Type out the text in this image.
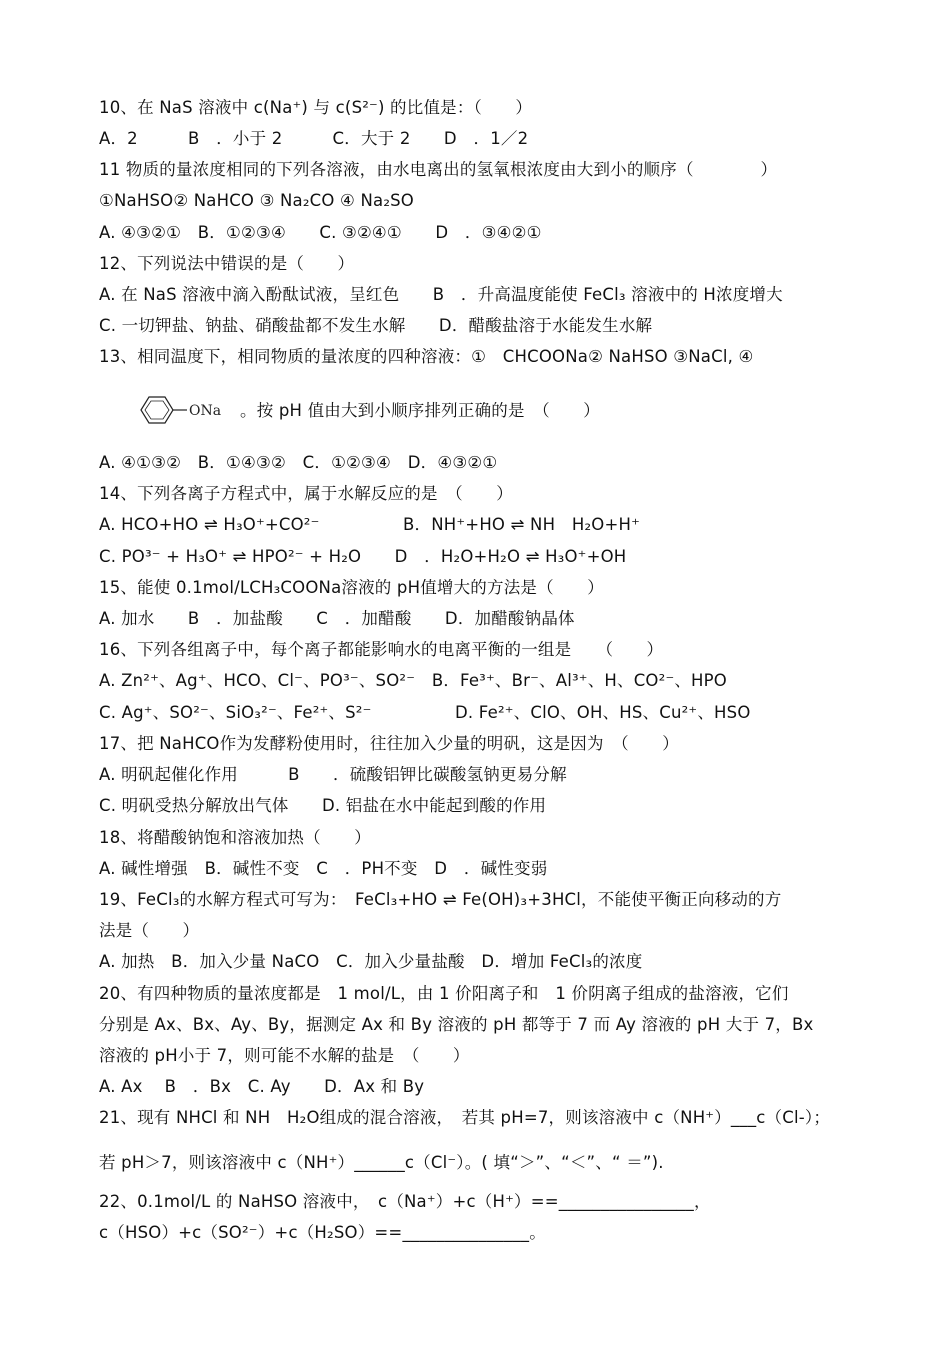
10、在 NaS 溶液中 c(Na⁺) 与 c(S²⁻) 的比值是：（　　）
A．2　　　B　．小于 2　　　C．大于 2　　D　．1／2
11 物质的量浓度相同的下列各溶液，由水电离出的氢氧根浓度由大到小的顺序（　　　　）
①NaHSO② NaHCO ③ Na₂CO ④ Na₂SO
A. ④③②①　B．①②③④　　C. ③②④①　　D　．③④②①
12、下列说法中错误的是（　　）
A. 在 NaS 溶液中滴入酚酞试液，呈红色　　B　．升高温度能使 FeCl₃ 溶液中的 H浓度增大
C. 一切钾盐、钠盐、硝酸盐都不发生水解　　D．醋酸盐溶于水能发生水解
13、相同温度下，相同物质的量浓度的四种溶液：①　CHCOONa② NaHSO ③NaCl, ④
ONa 。按 pH 值由大到小顺序排列正确的是　（　　）
A. ④①③②　B．①④③②　C．①②③④　D．④③②①
14、下列各离子方程式中，属于水解反应的是　（　　）
A. HCO+HO ⇌ H₃O⁺+CO²⁻　　　　　B．NH⁺+HO ⇌ NH　H₂O+H⁺
C. PO³⁻ + H₃O⁺ ⇌ HPO²⁻ + H₂O　　D　．H₂O+H₂O ⇌ H₃O⁺+OH
15、能使 0.1mol/LCH₃COONa溶液的 pH值增大的方法是（　　）
A. 加水　　B　．加盐酸　　C　．加醋酸　　D．加醋酸钠晶体
16、下列各组离子中，每个离子都能影响水的电离平衡的一组是　　（　　）
A. Zn²⁺、Ag⁺、HCO、Cl⁻、PO³⁻、SO²⁻　B．Fe³⁺、Br⁻、Al³⁺、H、CO²⁻、HPO
C. Ag⁺、SO²⁻、SiO₃²⁻、Fe²⁺、S²⁻　　　　　D. Fe²⁺、ClO、OH、HS、Cu²⁺、HSO
17、把 NaHCO作为发酵粉使用时，往往加入少量的明矾，这是因为　（　　）
A. 明矾起催化作用　　　B　　．硫酸铝钾比碳酸氢钠更易分解
C. 明矾受热分解放出气体　　D. 铝盐在水中能起到酸的作用
18、将醋酸钠饱和溶液加热（　　）
A. 碱性增强　B．碱性不变　C　．PH不变　D　．碱性变弱
19、FeCl₃的水解方程式可写为：　FeCl₃+HO ⇌ Fe(OH)₃+3HCl，不能使平衡正向移动的方
法是（　　）
A. 加热　B．加入少量 NaCO　C．加入少量盐酸　D．增加 FeCl₃的浓度
20、有四种物质的量浓度都是　1 mol/L，由 1 价阳离子和　1 价阴离子组成的盐溶液，它们
分别是 Ax、Bx、Ay、By，据测定 Ax 和 By 溶液的 pH 都等于 7 而 Ay 溶液的 pH 大于 7，Bx
溶液的 pH小于 7，则可能不水解的盐是　（　　）
A. Ax　 B　．Bx　C. Ay　　D．Ax 和 By
21、现有 NHCl 和 NH　H₂O组成的混合溶液，　若其 pH=7，则该溶液中 c（NH⁺）___c（Cl-）；
若 pH＞7，则该溶液中 c（NH⁺）______c（Cl⁻）。( 填“＞”、“＜”、“ ＝”).
22、0.1mol/L 的 NaHSO 溶液中，　c（Na⁺）+c（H⁺）==________________，
c（HSO）+c（SO²⁻）+c（H₂SO）==_______________。
